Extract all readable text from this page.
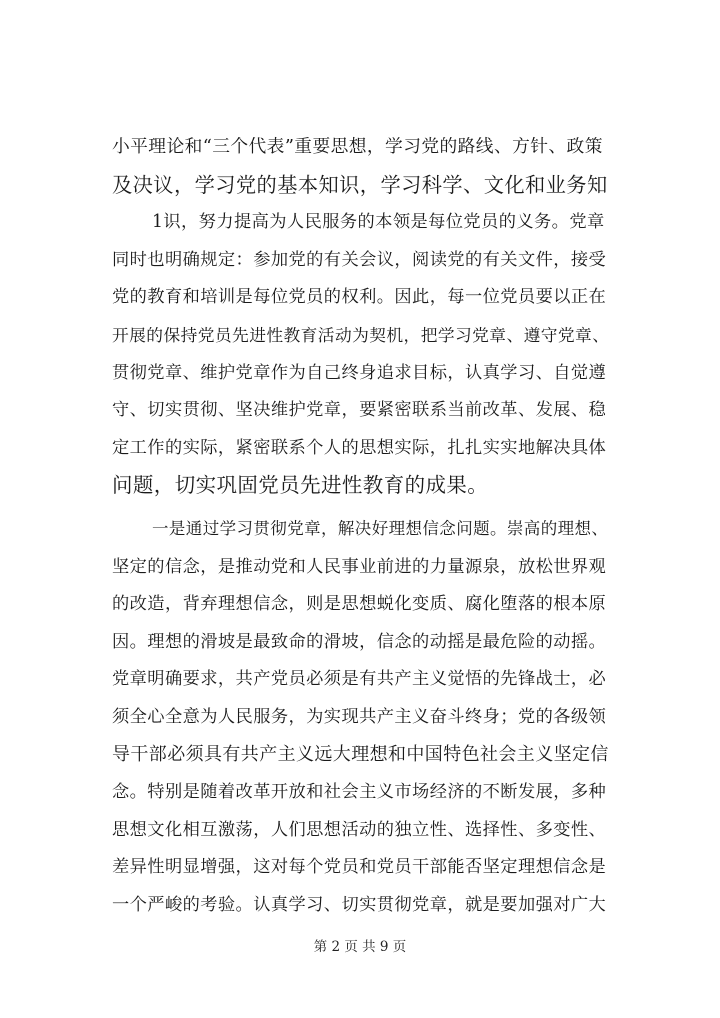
小平理论和“三个代表”重要思想，学习党的路线、方针、政策
及决议，学习党的基本知识，学习科学、文化和业务知
1识，努力提高为人民服务的本领是每位党员的义务。党章
同时也明确规定：参加党的有关会议，阅读党的有关文件，接受
党的教育和培训是每位党员的权利。因此，每一位党员要以正在
开展的保持党员先进性教育活动为契机，把学习党章、遵守党章、
贯彻党章、维护党章作为自己终身追求目标，认真学习、自觉遵
守、切实贯彻、坚决维护党章，要紧密联系当前改革、发展、稳
定工作的实际，紧密联系个人的思想实际，扎扎实实地解决具体
问题，切实巩固党员先进性教育的成果。
一是通过学习贯彻党章，解决好理想信念问题。崇高的理想、
坚定的信念，是推动党和人民事业前进的力量源泉，放松世界观
的改造，背弃理想信念，则是思想蜕化变质、腐化堕落的根本原
因。理想的滑坡是最致命的滑坡，信念的动摇是最危险的动摇。
党章明确要求，共产党员必须是有共产主义觉悟的先锋战士，必
须全心全意为人民服务，为实现共产主义奋斗终身；党的各级领
导干部必须具有共产主义远大理想和中国特色社会主义坚定信
念。特别是随着改革开放和社会主义市场经济的不断发展，多种
思想文化相互激荡，人们思想活动的独立性、选择性、多变性、
差异性明显增强，这对每个党员和党员干部能否坚定理想信念是
一个严峻的考验。认真学习、切实贯彻党章，就是要加强对广大
第 2 页 共 9 页
